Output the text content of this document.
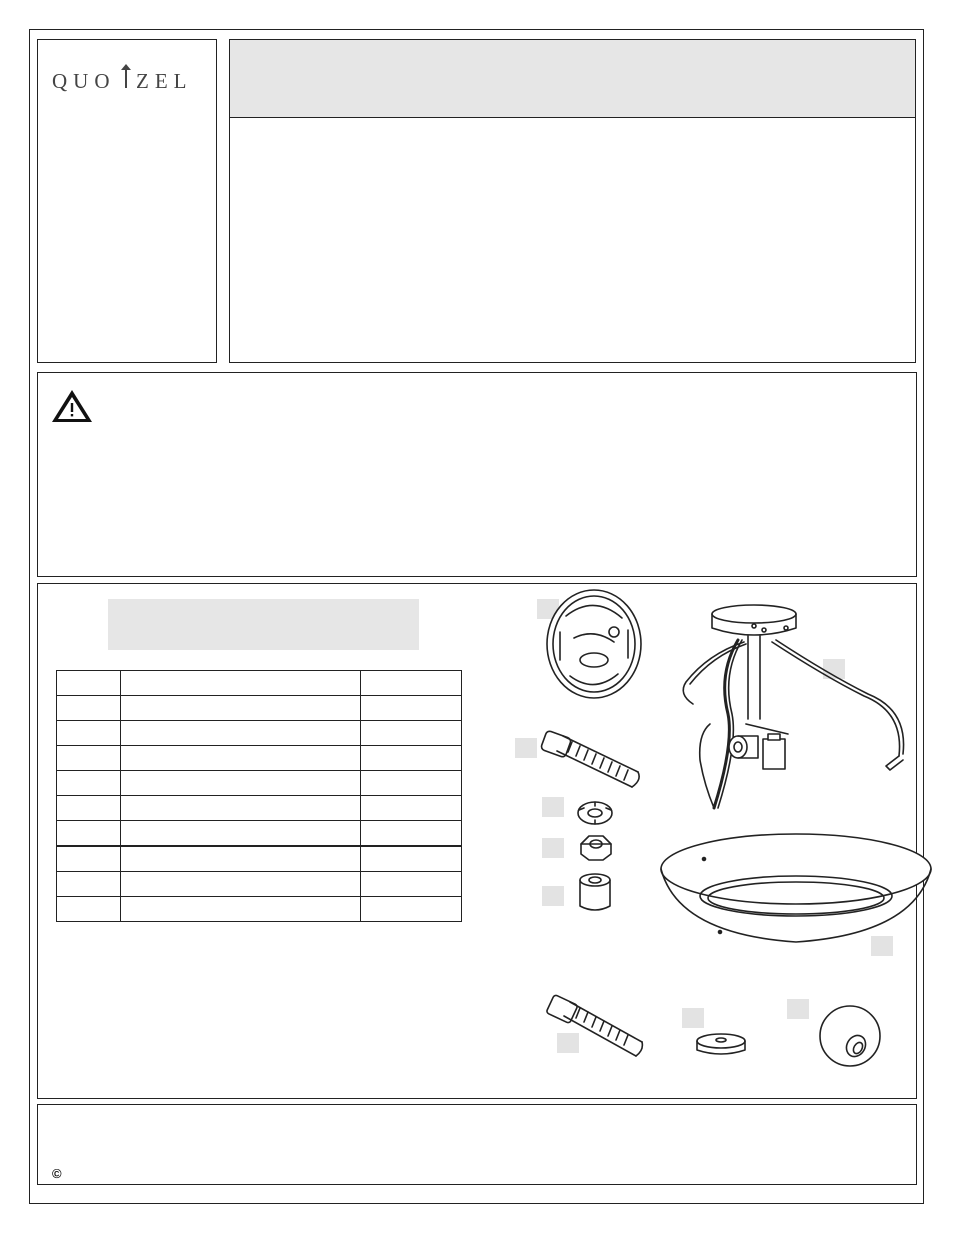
QUO ZEL

©
